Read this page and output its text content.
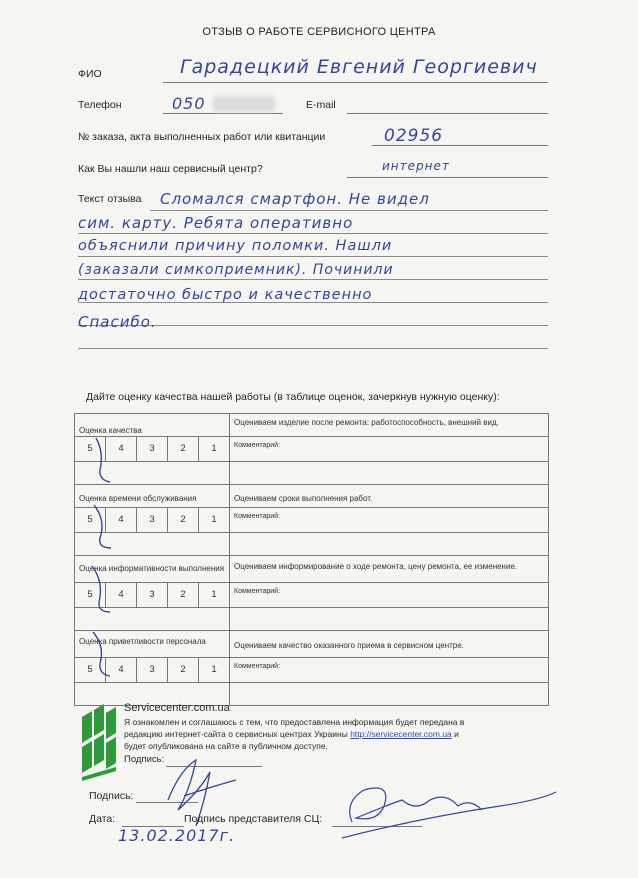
ОТЗЫВ О РАБОТЕ СЕРВИСНОГО ЦЕНТРА
ФИО	Гарадецкий Евгений Георгиевич
Телефон	050	E-mail
№ заказа, акта выполненных работ или квитанции	02956
Как Вы нашли наш сервисный центр?	интернет
Текст отзыва Сломался смартфон. Не видел
сим. карту. Ребята оперативно
объяснили причину поломки. Нашли
(заказали симкоприемник). Починили
достаточно быстро и качественно
Спасибо.
Дайте оценку качества нашей работы (в таблице оценок, зачеркнув нужную оценку):
Оценка качества	Оцениваем изделие после ремонта: работоспособность, внешний вид.

5 4 3 2 1	Комментарий:

Оценка времени обслуживания	Оцениваем сроки выполнения работ.

5 4 3 2 1	Комментарий:

Оценка информативности выполнения	Оцениваем информирование о ходе ремонта, цену ремонта, ее изменение.

5 4 3 2 1	Комментарий:

Оценка приветливости персонала	Оцениваем качество оказанного приема в сервисном центре.

5 4 3 2 1	Комментарий:

Servicecenter.com.ua
Я ознакомлен и соглашаюсь с тем, что предоставлена информация будет передана в
редакцию интернет-сайта о сервисных центрах Украины http://servicecenter.com.ua и
будет опубликована на сайте в публичном доступе.
Подпись:
Подпись:
Дата:	Подпись представителя СЦ:
13.02.2017г.
